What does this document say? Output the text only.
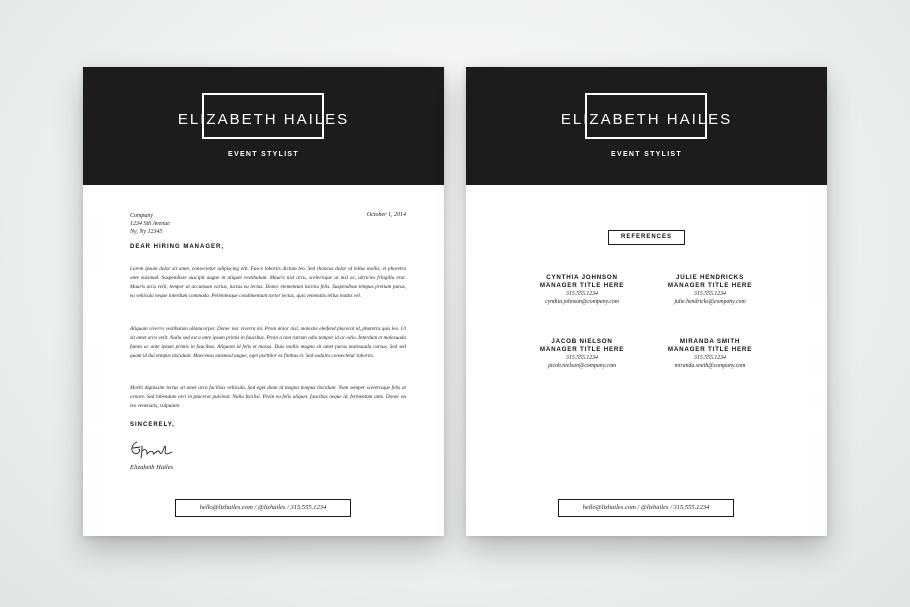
ELIZABETH HAILES
EVENT STYLIST
Company
1234 Sth Avenue
Ny, Ny 12345
October 1, 2014
DEAR HIRING MANAGER,

Lorem ipsum dolor sit amet, consectetur adipiscing elit. Fusce lobortis dictum leo. Sed rhoncus dolor id tellus mollis, et pharetra ante euismod. Suspendisse suscipit augue in aliquet vestibulum. Mauris nisl arcu, scelerisque ut nisl ac, ultricies fringilla erat. Mauris arcu velit, tempor at accumsan varius, luctus eu lectus. Donec elementum lacinia felis. Suspendisse tempus pretium purus, eu vehicula neque interdum commodo. Pellentesque condimentum tortor lectus, quis venenatis tellus mattis vel.

Aliquam viverra vestibulum ullamcorper. Donec nec viverra mi. Proin dolor nisl, molestie eleifend placerat id, pharetra quis leo. Ut sit amet arcu velit. Nulla sed est a ante ipsum primis in faucibus. Proin a non rutrum odio tempor id ac odio. Interdum et malesuada fames ac ante ipsum primis in faucibus. Aliquam id felis et massa. Duis mollis magna sit amet purus malesuada cursus. Sed sed quam id dui tempus tincidunt. Maecenas euismod augue, eget porttitor ex finibus et. Sed sodales consectetur lobortis.

Morbi dignissim lectus sit amet arcu facilisis vehicula. Sed eget diam id magna tempus tincidunt. Nam semper scelerisque felis ut ornare. Sed bibendum orci in placerat pulvinar. Nulla facilisi. Proin eu felis aliquet, faucibus neque id, fermentum ante. Donec eu leo venenatis, vulputate.

SINCERELY,
Elizabeth Hailes
hello@lizhailes.com / @lizhailes / 315.555.1234
ELIZABETH HAILES
EVENT STYLIST
REFERENCES
CYNTHIA JOHNSON
MANAGER TITLE HERE
315.555.1234
cynthia.johnson@company.com
JULIE HENDRICKS
MANAGER TITLE HERE
315.555.1234
julie.hendricks@company.com
JACOB NIELSON
MANAGER TITLE HERE
315.555.1234
jacob.nielson@company.com
MIRANDA SMITH
MANAGER TITLE HERE
315.555.1234
miranda.smith@company.com
hello@lizhailes.com / @lizhailes / 315.555.1234
